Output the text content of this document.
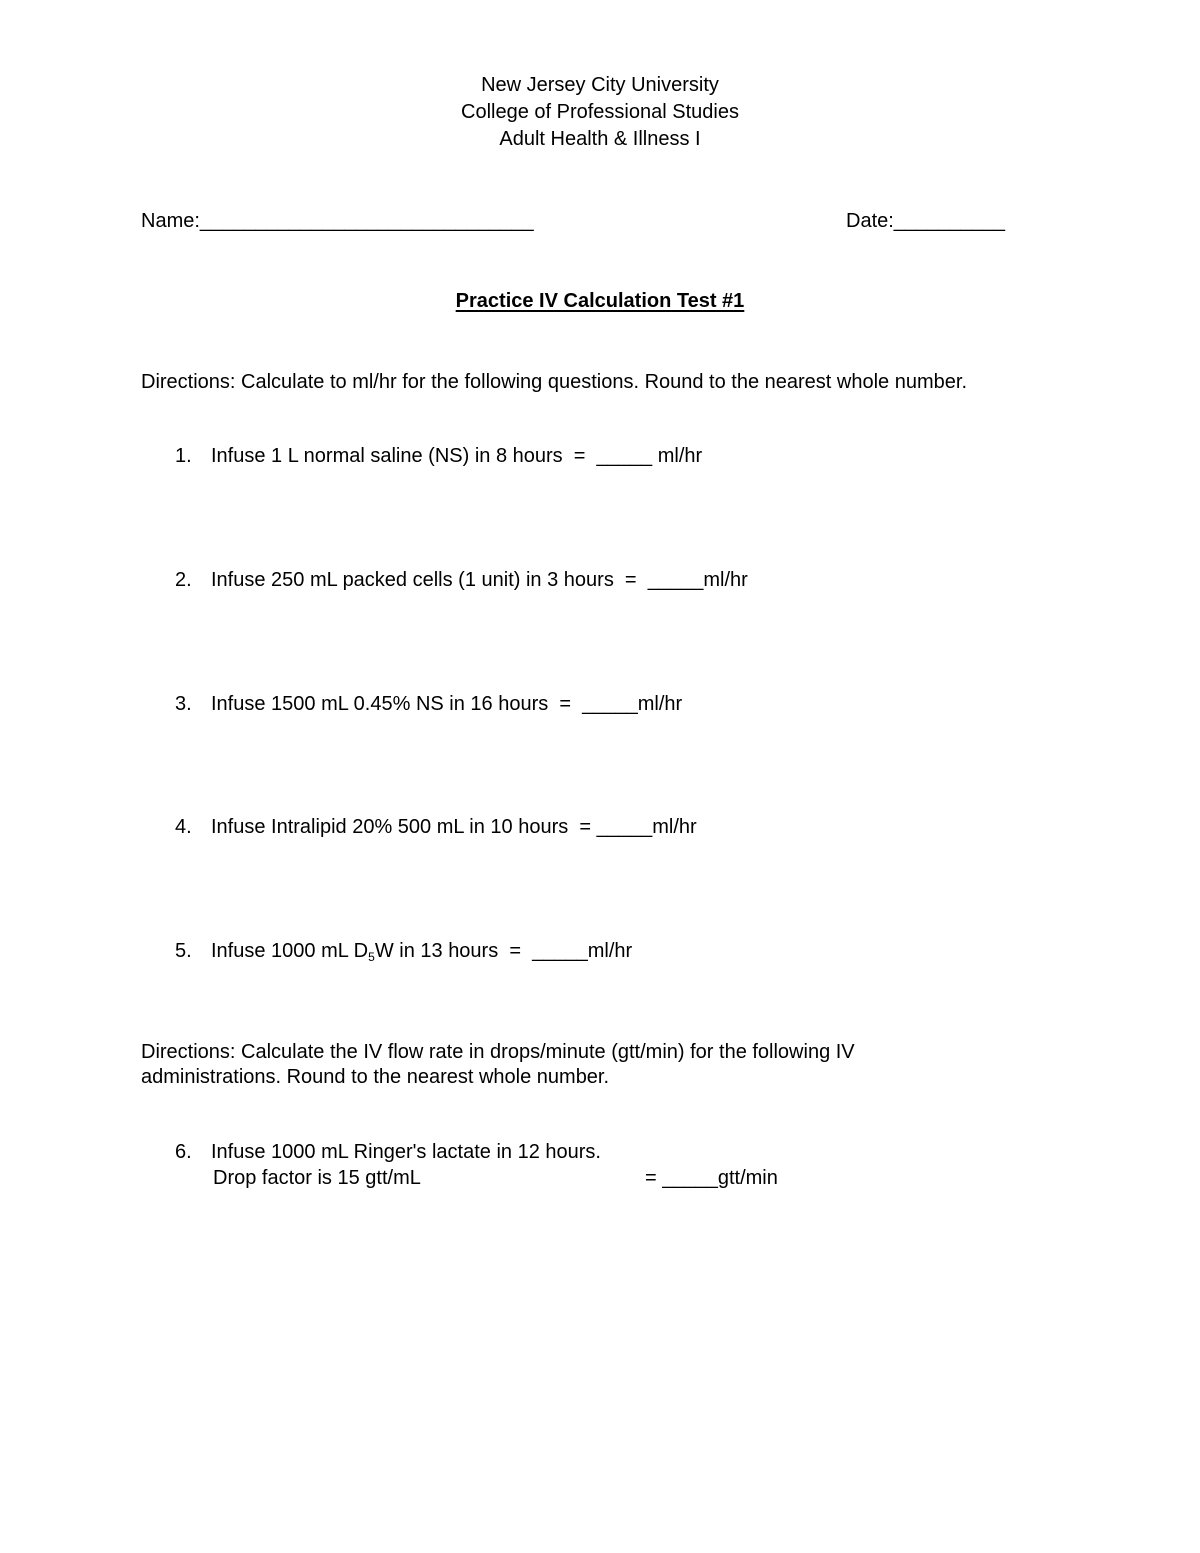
New Jersey City University
College of Professional Studies
Adult Health & Illness I
Name:______________________________	Date:__________
Practice IV Calculation Test #1
Directions: Calculate to ml/hr for the following questions. Round to the nearest whole number.
1. Infuse 1 L normal saline (NS) in 8 hours  =  _____ ml/hr
2. Infuse 250 mL packed cells (1 unit) in 3 hours  =  _____ml/hr
3. Infuse 1500 mL 0.45% NS in 16 hours  =  _____ml/hr
4. Infuse Intralipid 20% 500 mL in 10 hours  = _____ml/hr
5. Infuse 1000 mL $D_5W$ in 13 hours  =  _____ml/hr
Directions: Calculate the IV flow rate in drops/minute (gtt/min) for the following IV
administrations. Round to the nearest whole number.
6. Infuse 1000 mL Ringer's lactate in 12 hours.
Drop factor is 15 gtt/mL	= _____gtt/min
